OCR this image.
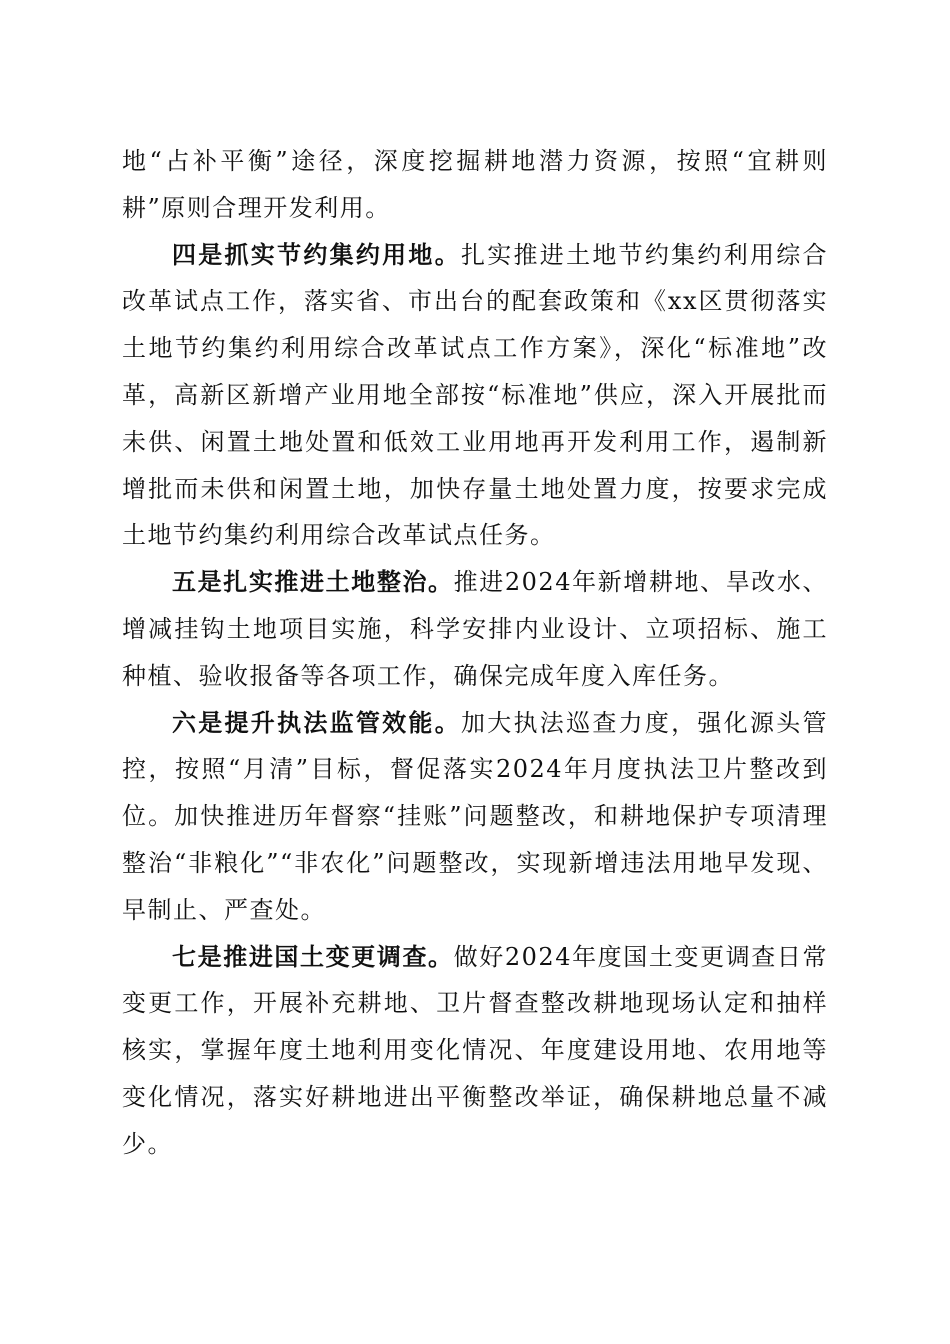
地“占补平衡”途径，深度挖掘耕地潜力资源，按照“宜耕则耕”原则合理开发利用。

四是抓实节约集约用地。扎实推进土地节约集约利用综合改革试点工作，落实省、市出台的配套政策和《xx区贯彻落实土地节约集约利用综合改革试点工作方案》，深化“标准地”改革，高新区新增产业用地全部按“标准地”供应，深入开展批而未供、闲置土地处置和低效工业用地再开发利用工作，遏制新增批而未供和闲置土地，加快存量土地处置力度，按要求完成土地节约集约利用综合改革试点任务。

五是扎实推进土地整治。推进2024年新增耕地、旱改水、增减挂钩土地项目实施，科学安排内业设计、立项招标、施工种植、验收报备等各项工作，确保完成年度入库任务。

六是提升执法监管效能。加大执法巡查力度，强化源头管控，按照“月清”目标，督促落实2024年月度执法卫片整改到位。加快推进历年督察“挂账”问题整改，和耕地保护专项清理整治“非粮化”“非农化”问题整改，实现新增违法用地早发现、早制止、严查处。

七是推进国土变更调查。做好2024年度国土变更调查日常变更工作，开展补充耕地、卫片督查整改耕地现场认定和抽样核实，掌握年度土地利用变化情况、年度建设用地、农用地等变化情况，落实好耕地进出平衡整改举证，确保耕地总量不减少。
